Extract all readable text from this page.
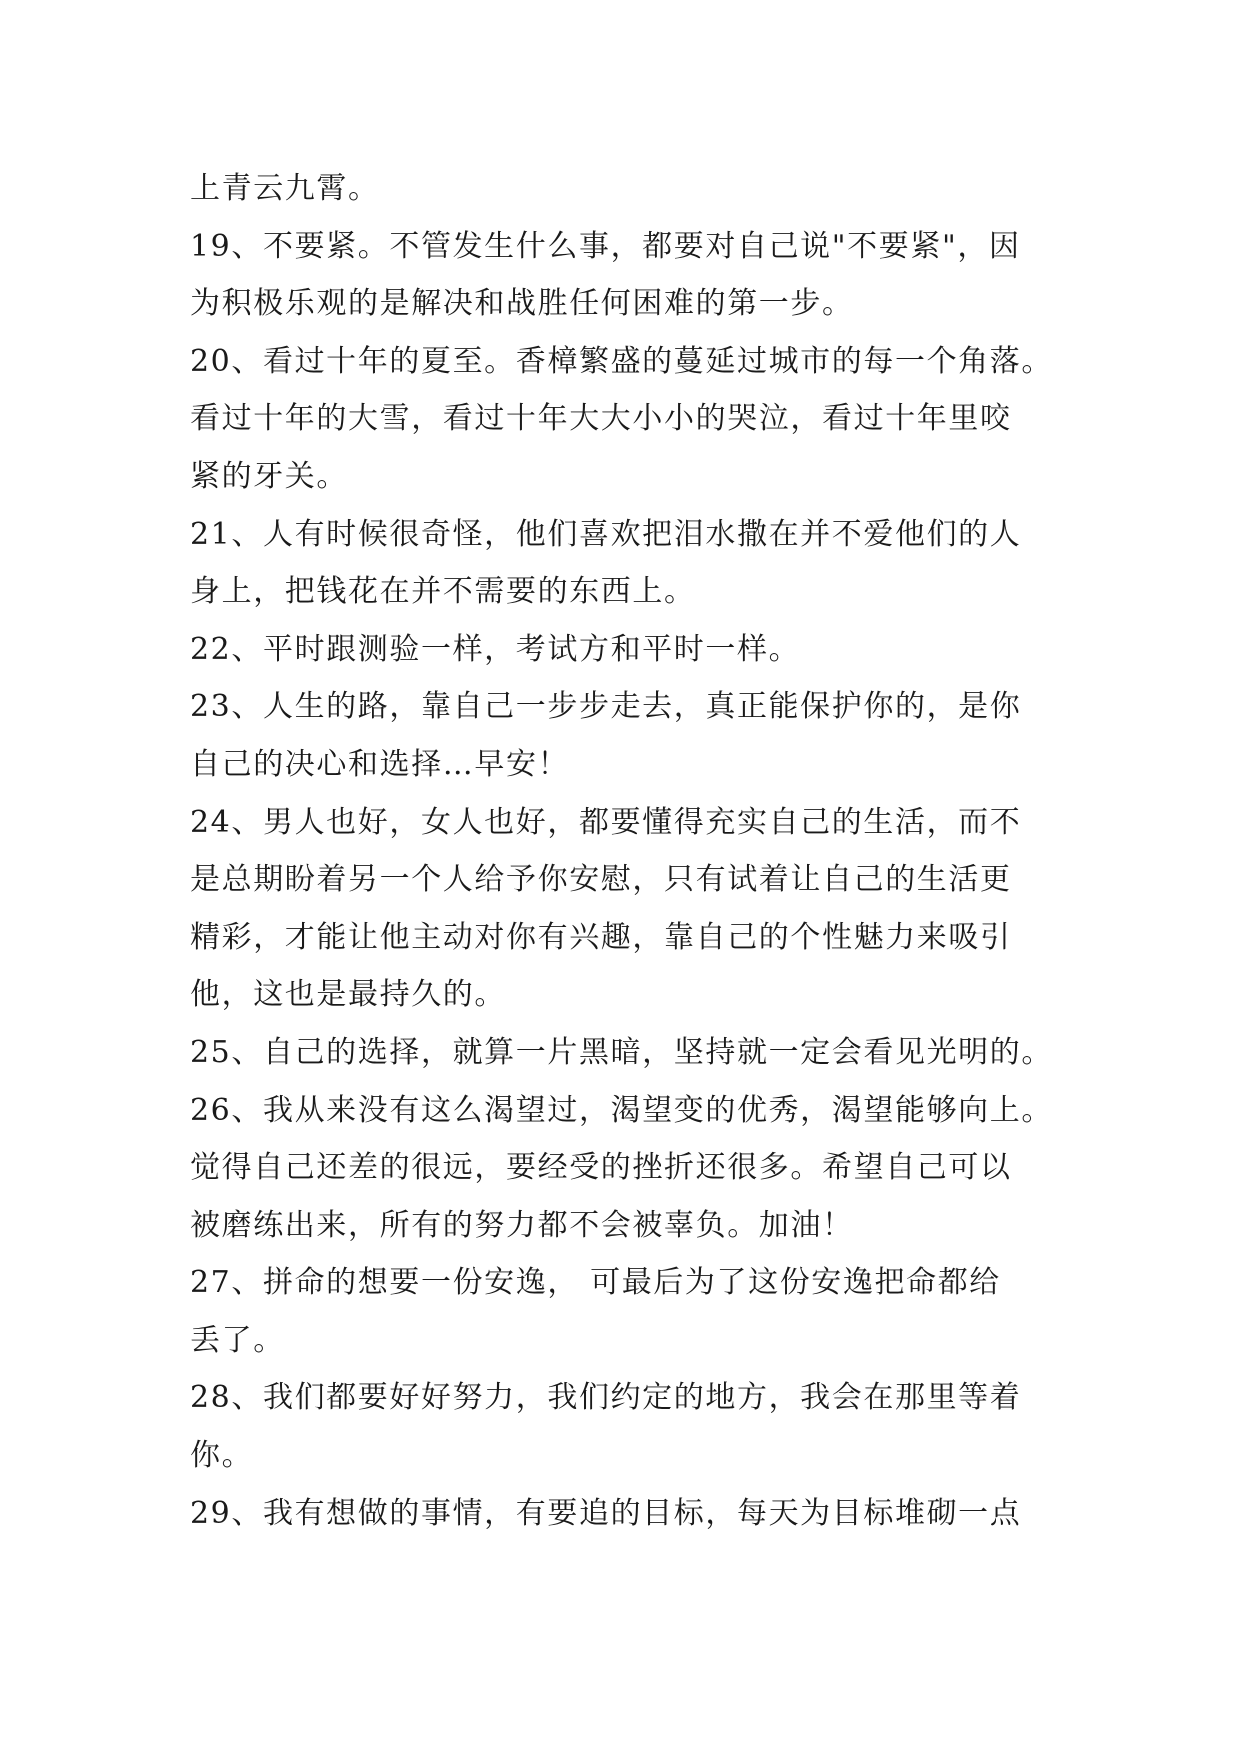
上青云九霄。
19、不要紧。不管发生什么事，都要对自己说"不要紧"，因
为积极乐观的是解决和战胜任何困难的第一步。
20、看过十年的夏至。香樟繁盛的蔓延过城市的每一个角落。
看过十年的大雪，看过十年大大小小的哭泣，看过十年里咬
紧的牙关。
21、人有时候很奇怪，他们喜欢把泪水撒在并不爱他们的人
身上，把钱花在并不需要的东西上。
22、平时跟测验一样，考试方和平时一样。
23、人生的路，靠自己一步步走去，真正能保护你的，是你
自己的决心和选择…早安！
24、男人也好，女人也好，都要懂得充实自己的生活，而不
是总期盼着另一个人给予你安慰，只有试着让自己的生活更
精彩，才能让他主动对你有兴趣，靠自己的个性魅力来吸引
他，这也是最持久的。
25、自己的选择，就算一片黑暗，坚持就一定会看见光明的。
26、我从来没有这么渴望过，渴望变的优秀，渴望能够向上。
觉得自己还差的很远，要经受的挫折还很多。希望自己可以
被磨练出来，所有的努力都不会被辜负。加油！
27、拼命的想要一份安逸， 可最后为了这份安逸把命都给
丢了。
28、我们都要好好努力，我们约定的地方，我会在那里等着
你。
29、我有想做的事情，有要追的目标，每天为目标堆砌一点
